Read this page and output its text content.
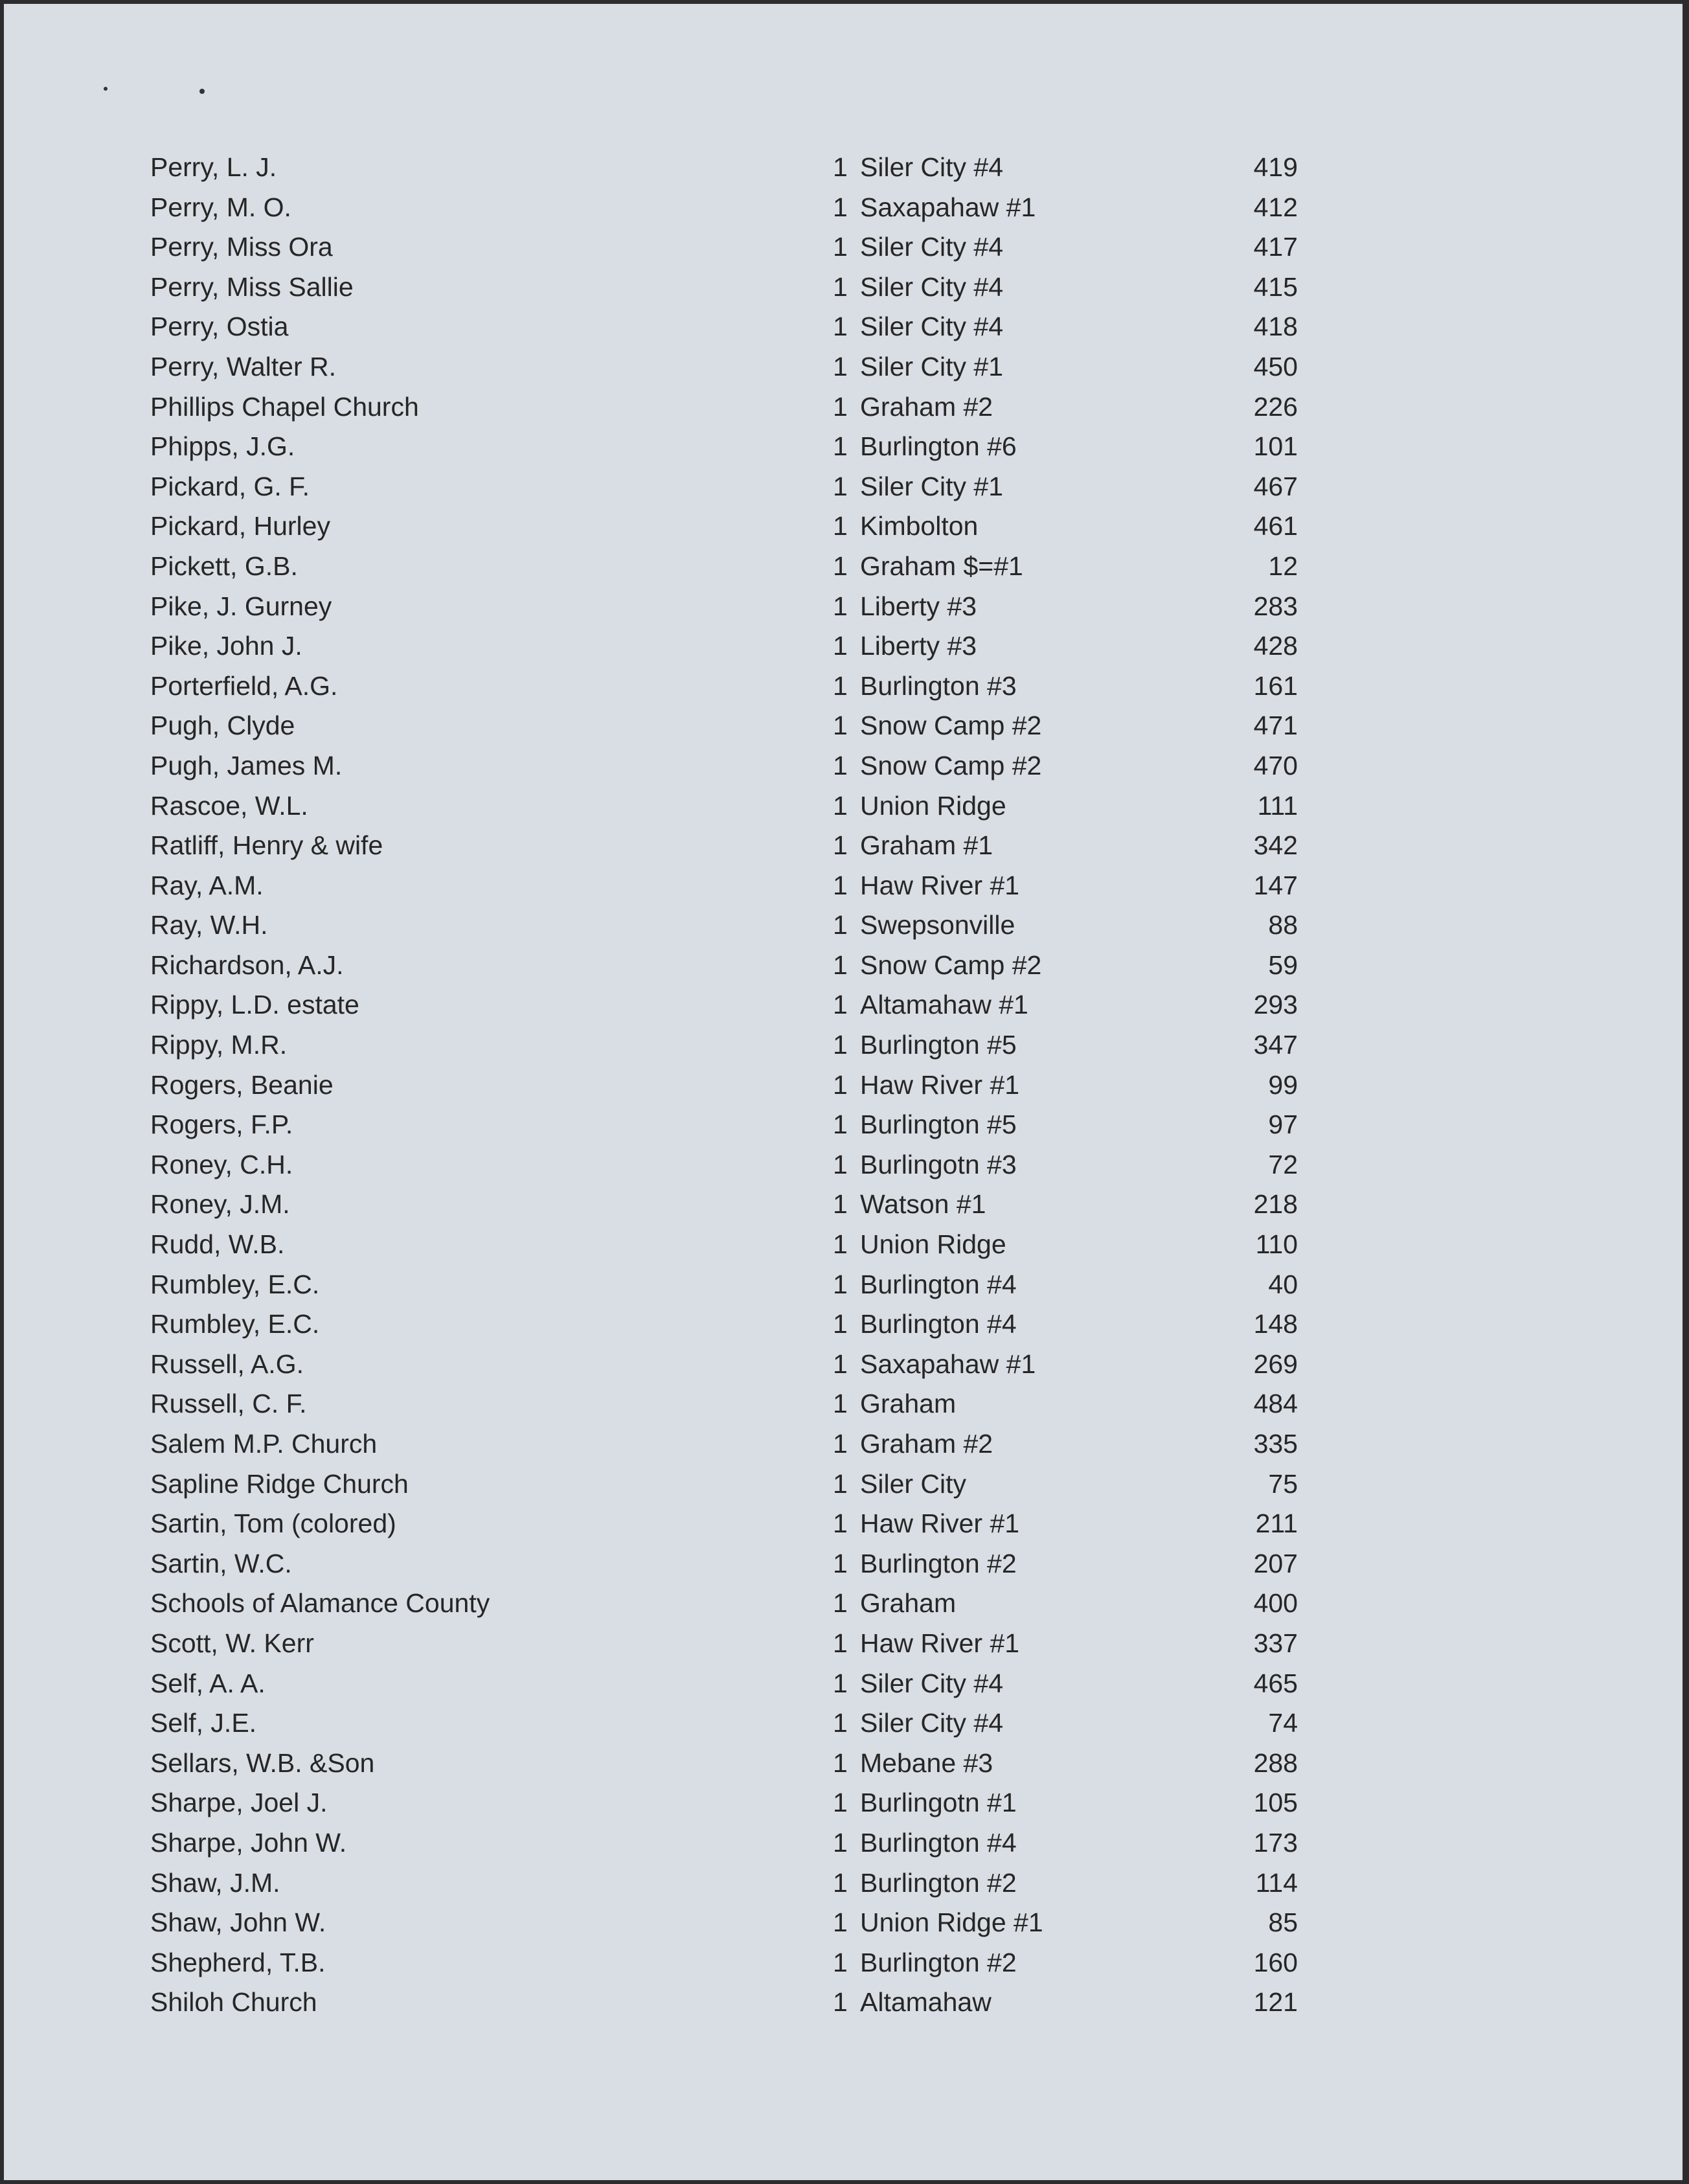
Perry, L. J.	1 Siler City #4	419
Perry, M. O.	1 Saxapahaw #1	412
Perry, Miss Ora	1 Siler City #4	417
Perry, Miss Sallie	1 Siler City #4	415
Perry, Ostia	1 Siler City #4	418
Perry, Walter R.	1 Siler City #1	450
Phillips Chapel Church	1 Graham #2	226
Phipps, J.G.	1 Burlington #6	101
Pickard, G. F.	1 Siler City #1	467
Pickard, Hurley	1 Kimbolton	461
Pickett, G.B.	1 Graham $=#1	12
Pike, J. Gurney	1 Liberty #3	283
Pike, John J.	1 Liberty #3	428
Porterfield, A.G.	1 Burlington #3	161
Pugh, Clyde	1 Snow Camp #2	471
Pugh, James M.	1 Snow Camp #2	470
Rascoe, W.L.	1 Union Ridge	111
Ratliff, Henry & wife	1 Graham #1	342
Ray, A.M.	1 Haw River #1	147
Ray, W.H.	1 Swepsonville	88
Richardson, A.J.	1 Snow Camp #2	59
Rippy, L.D. estate	1 Altamahaw #1	293
Rippy, M.R.	1 Burlington #5	347
Rogers, Beanie	1 Haw River #1	99
Rogers, F.P.	1 Burlington #5	97
Roney, C.H.	1 Burlingotn #3	72
Roney, J.M.	1 Watson #1	218
Rudd, W.B.	1 Union Ridge	110
Rumbley, E.C.	1 Burlington #4	40
Rumbley, E.C.	1 Burlington #4	148
Russell, A.G.	1 Saxapahaw #1	269
Russell, C. F.	1 Graham	484
Salem M.P. Church	1 Graham #2	335
Sapline Ridge Church	1 Siler City	75
Sartin, Tom (colored)	1 Haw River #1	211
Sartin, W.C.	1 Burlington #2	207
Schools of Alamance County	1 Graham	400
Scott, W. Kerr	1 Haw River #1	337
Self, A. A.	1 Siler City #4	465
Self, J.E.	1 Siler City #4	74
Sellars, W.B. &Son	1 Mebane #3	288
Sharpe, Joel J.	1 Burlingotn #1	105
Sharpe, John W.	1 Burlington #4	173
Shaw, J.M.	1 Burlington #2	114
Shaw, John W.	1 Union Ridge #1	85
Shepherd, T.B.	1 Burlington #2	160
Shiloh Church	1 Altamahaw	121
